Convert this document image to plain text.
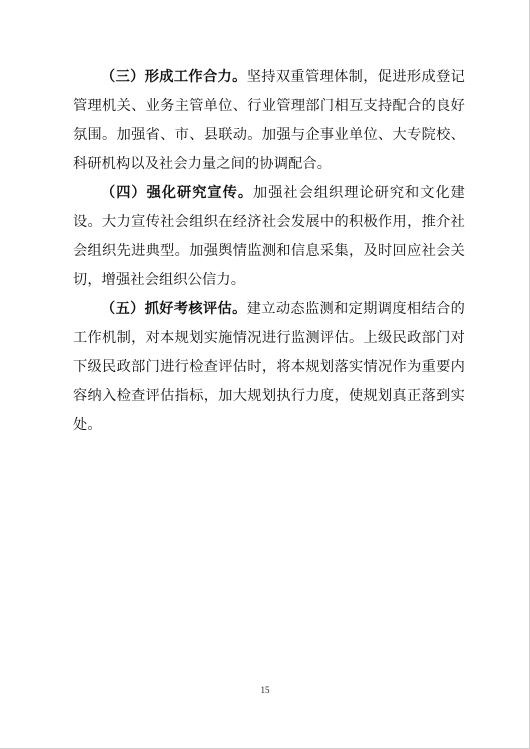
（三）形成工作合力。坚持双重管理体制，促进形成登记管理机关、业务主管单位、行业管理部门相互支持配合的良好氛围。加强省、市、县联动。加强与企事业单位、大专院校、科研机构以及社会力量之间的协调配合。

（四）强化研究宣传。加强社会组织理论研究和文化建设。大力宣传社会组织在经济社会发展中的积极作用，推介社会组织先进典型。加强舆情监测和信息采集，及时回应社会关切，增强社会组织公信力。

（五）抓好考核评估。建立动态监测和定期调度相结合的工作机制，对本规划实施情况进行监测评估。上级民政部门对下级民政部门进行检查评估时，将本规划落实情况作为重要内容纳入检查评估指标，加大规划执行力度，使规划真正落到实处。

15
